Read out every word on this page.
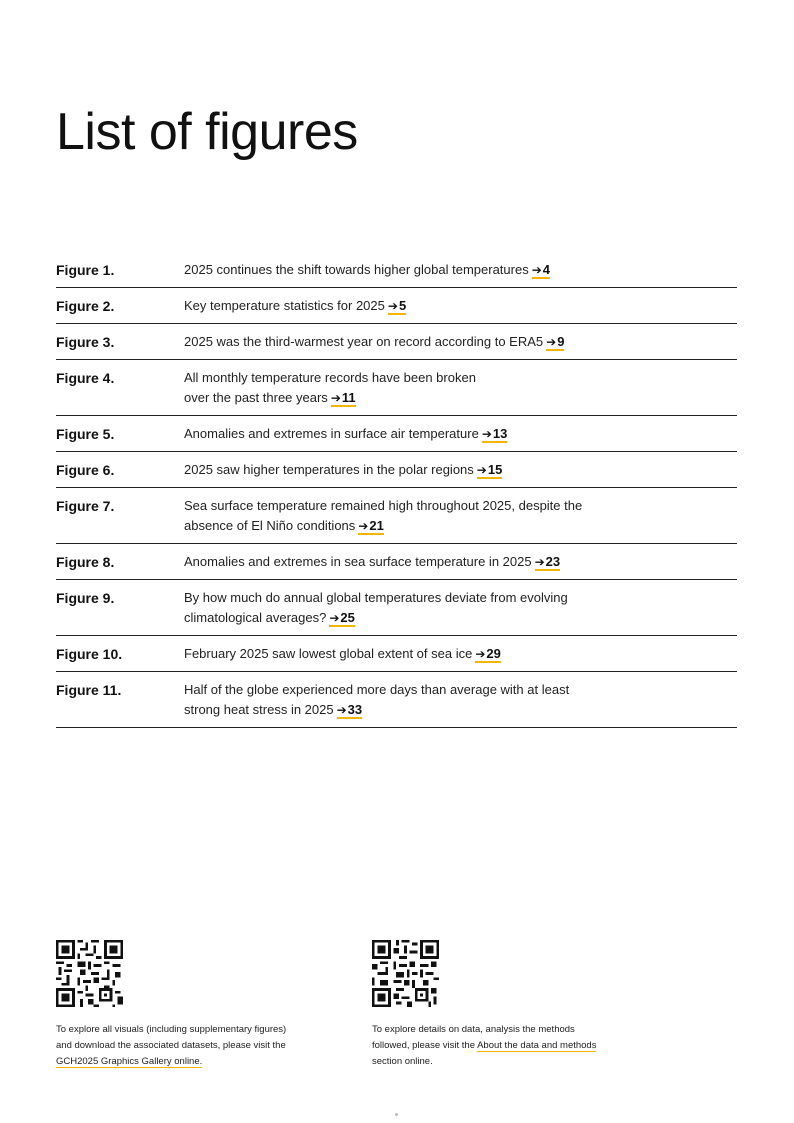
List of figures
Figure 1.	2025 continues the shift towards higher global temperatures ➔4
Figure 2.	Key temperature statistics for 2025 ➔5
Figure 3.	2025 was the third-warmest year on record according to ERA5 ➔9
Figure 4.	All monthly temperature records have been broken
over the past three years ➔11
Figure 5.	Anomalies and extremes in surface air temperature ➔13
Figure 6.	2025 saw higher temperatures in the polar regions ➔15
Figure 7.	Sea surface temperature remained high throughout 2025, despite the
absence of El Niño conditions ➔21
Figure 8.	Anomalies and extremes in sea surface temperature in 2025 ➔23
Figure 9.	By how much do annual global temperatures deviate from evolving
climatological averages? ➔25
Figure 10.	February 2025 saw lowest global extent of sea ice ➔29
Figure 11.	Half of the globe experienced more days than average with at least
strong heat stress in 2025 ➔33
To explore all visuals (including supplementary figures)
and download the associated datasets, please visit the
GCH2025 Graphics Gallery online.
To explore details on data, analysis the methods
followed, please visit the About the data and methods
section online.
